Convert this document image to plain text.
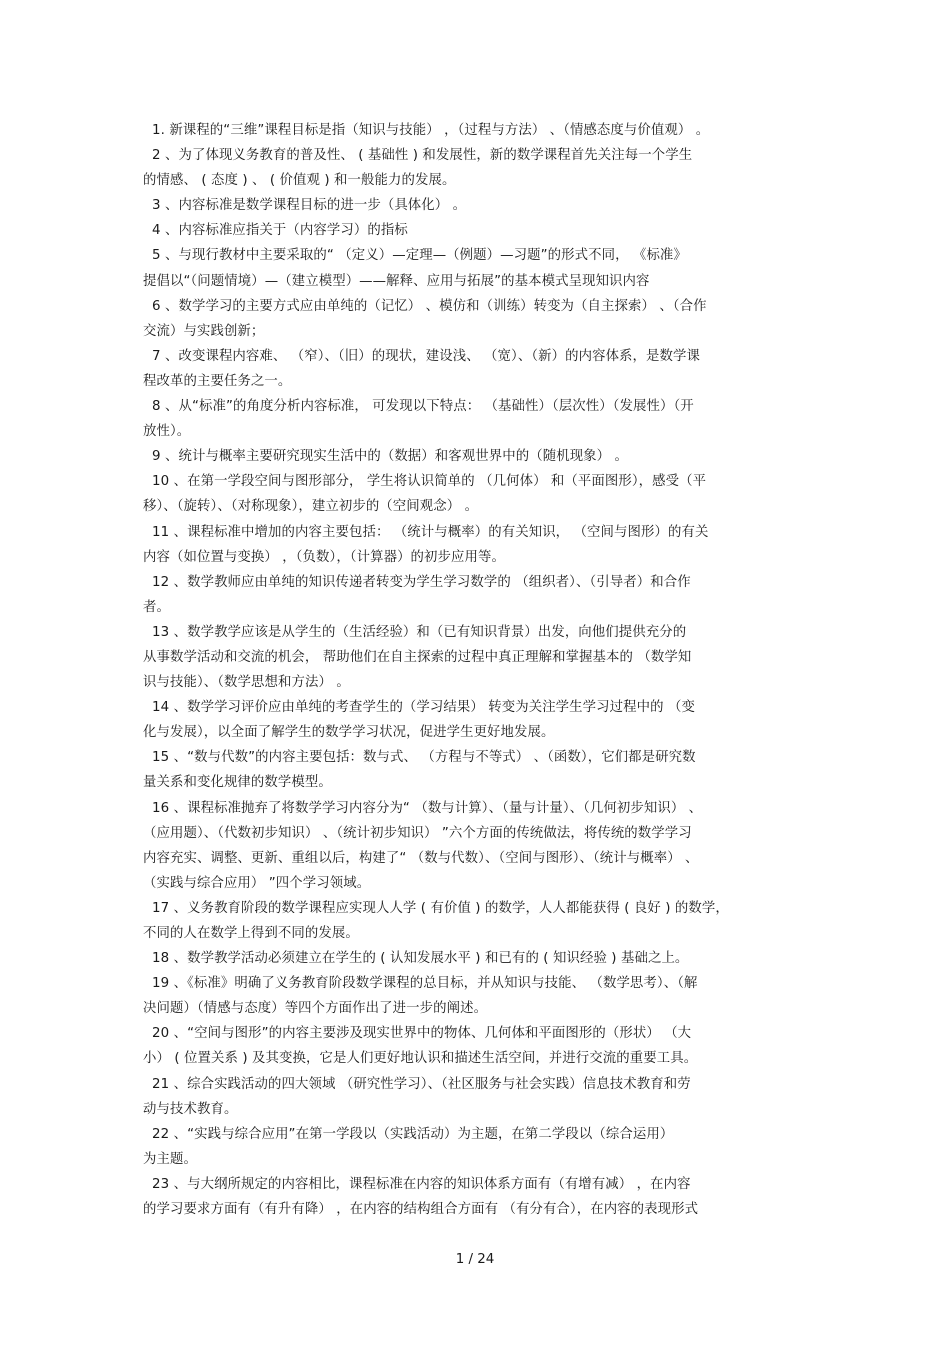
1. 新课程的“三维”课程目标是指（知识与技能） ，（过程与方法） 、（情感态度与价值观） 。
2 、为了体现义务教育的普及性、 ( 基础性 ) 和发展性，新的数学课程首先关注每一个学生
的情感、 ( 态度 ) 、 ( 价值观 ) 和一般能力的发展。
3 、内容标准是数学课程目标的进一步（具体化） 。
4 、内容标准应指关于（内容学习）的指标
5 、与现行教材中主要采取的“ （定义）—定理—（例题）—习题”的形式不同， 《标准》
提倡以“（问题情境）—（建立模型）——解释、应用与拓展”的基本模式呈现知识内容
6 、数学学习的主要方式应由单纯的（记忆） 、模仿和（训练）转变为（自主探索） 、（合作
交流）与实践创新；
7 、改变课程内容难、 （窄）、（旧）的现状，建设浅、 （宽）、（新）的内容体系，是数学课
程改革的主要任务之一。
8 、从“标准”的角度分析内容标准， 可发现以下特点： （基础性）（层次性）（发展性）（开
放性）。
9 、统计与概率主要研究现实生活中的（数据）和客观世界中的（随机现象） 。
10 、在第一学段空间与图形部分， 学生将认识简单的 （几何体） 和（平面图形），感受（平
移）、（旋转）、（对称现象），建立初步的（空间观念） 。
11 、课程标准中增加的内容主要包括： （统计与概率）的有关知识， （空间与图形）的有关
内容（如位置与变换） ，（负数），（计算器）的初步应用等。
12 、数学教师应由单纯的知识传递者转变为学生学习数学的 （组织者）、（引导者）和合作
者。
13 、数学教学应该是从学生的（生活经验）和（已有知识背景）出发，向他们提供充分的
从事数学活动和交流的机会， 帮助他们在自主探索的过程中真正理解和掌握基本的 （数学知
识与技能）、（数学思想和方法） 。
14 、数学学习评价应由单纯的考查学生的（学习结果） 转变为关注学生学习过程中的 （变
化与发展），以全面了解学生的数学学习状况，促进学生更好地发展。
15 、“数与代数”的内容主要包括：数与式、 （方程与不等式） 、（函数），它们都是研究数
量关系和变化规律的数学模型。
16 、课程标准抛弃了将数学学习内容分为“ （数与计算）、（量与计量）、（几何初步知识） 、
（应用题）、（代数初步知识） 、（统计初步知识） ”六个方面的传统做法，将传统的数学学习
内容充实、调整、更新、重组以后，构建了“ （数与代数）、（空间与图形）、（统计与概率） 、
（实践与综合应用） ”四个学习领域。
17 、义务教育阶段的数学课程应实现人人学 ( 有价值 ) 的数学，人人都能获得 ( 良好 ) 的数学，
不同的人在数学上得到不同的发展。
18 、数学教学活动必须建立在学生的 ( 认知发展水平 ) 和已有的 ( 知识经验 ) 基础之上。
19 、《标准》明确了义务教育阶段数学课程的总目标，并从知识与技能、 （数学思考）、（解
决问题）（情感与态度）等四个方面作出了进一步的阐述。
20 、“空间与图形”的内容主要涉及现实世界中的物体、几何体和平面图形的（形状） （大
小） ( 位置关系 ) 及其变换，它是人们更好地认识和描述生活空间，并进行交流的重要工具。
21 、综合实践活动的四大领域 （研究性学习）、（社区服务与社会实践）信息技术教育和劳
动与技术教育。
22 、“实践与综合应用”在第一学段以（实践活动）为主题，在第二学段以（综合运用）
为主题。
23 、与大纲所规定的内容相比，课程标准在内容的知识体系方面有（有增有减） ，在内容
的学习要求方面有（有升有降） ，在内容的结构组合方面有 （有分有合），在内容的表现形式
1 / 24
